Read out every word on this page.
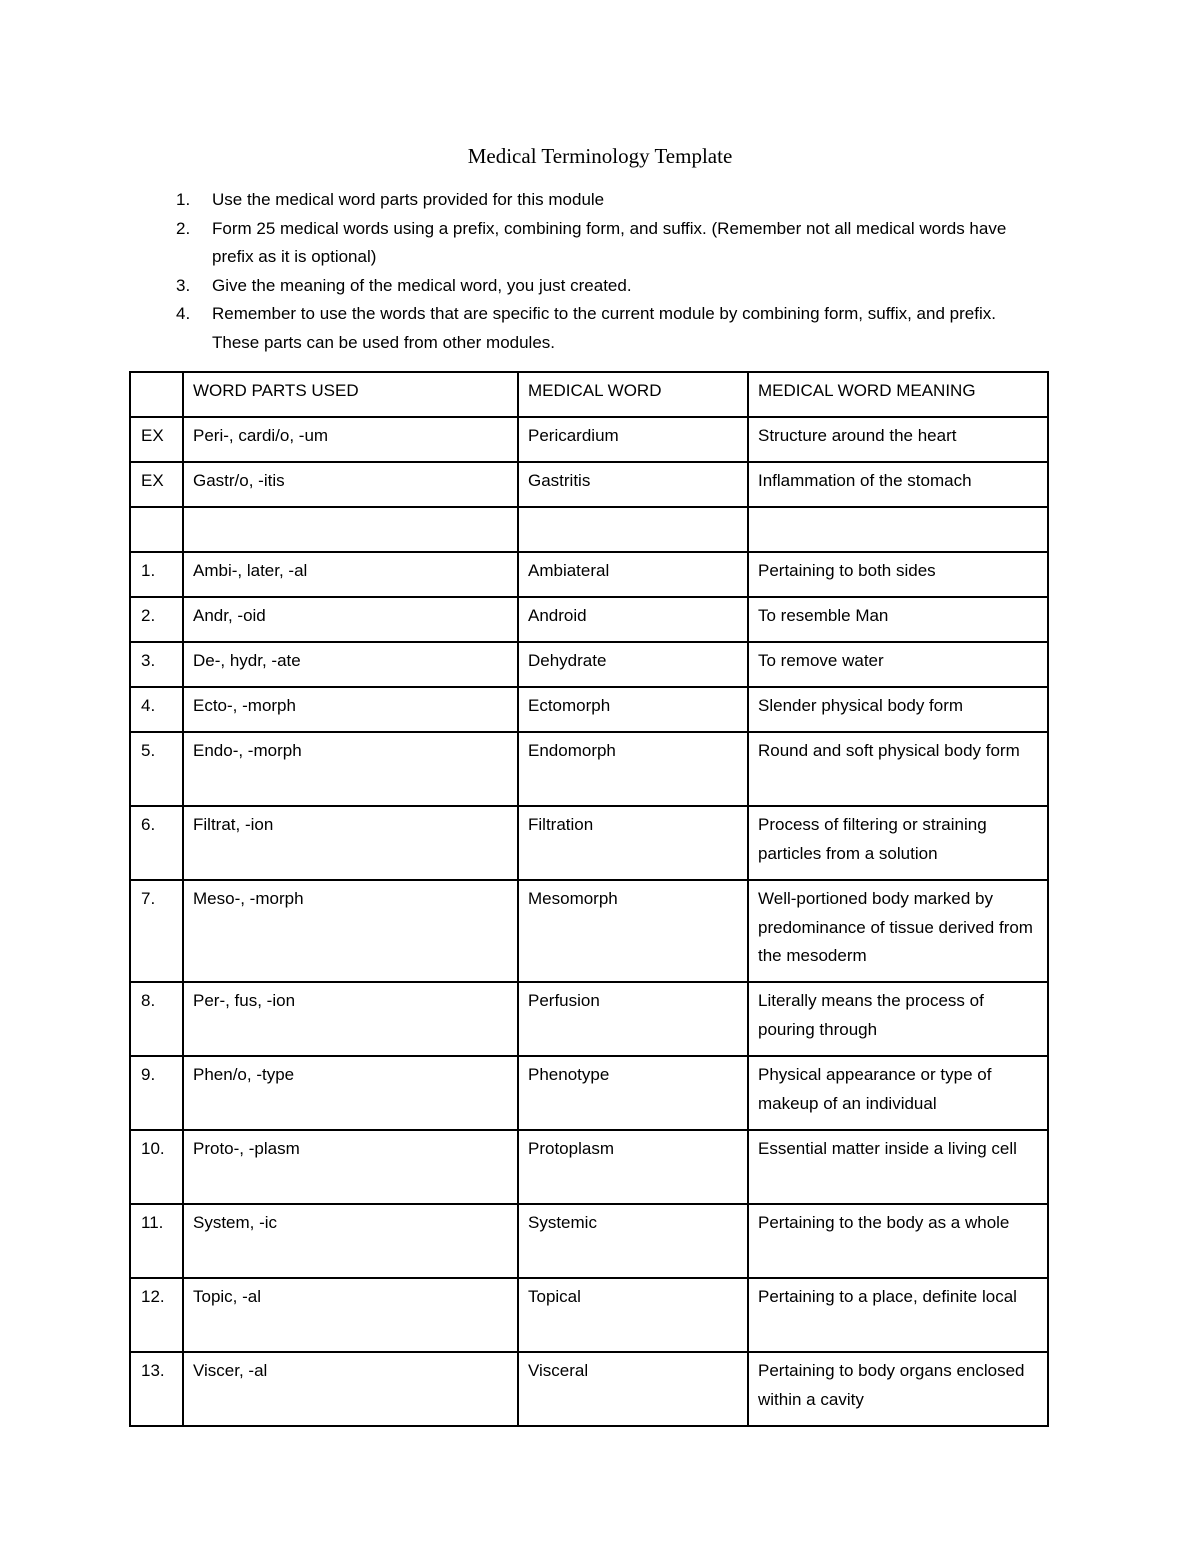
Medical Terminology Template
1. Use the medical word parts provided for this module
2. Form 25 medical words using a prefix, combining form, and suffix. (Remember not all medical words have prefix as it is optional)
3. Give the meaning of the medical word, you just created.
4. Remember to use the words that are specific to the current module by combining form, suffix, and prefix. These parts can be used from other modules.
	WORD PARTS USED	MEDICAL WORD	MEDICAL WORD MEANING
EX	Peri-, cardi/o, -um	Pericardium	Structure around the heart
EX	Gastr/o, -itis	Gastritis	Inflammation of the stomach

1.	Ambi-, later, -al	Ambiateral	Pertaining to both sides
2.	Andr, -oid	Android	To resemble Man
3.	De-, hydr, -ate	Dehydrate	To remove water
4.	Ecto-, -morph	Ectomorph	Slender physical body form
5.	Endo-, -morph	Endomorph	Round and soft physical body form
6.	Filtrat, -ion	Filtration	Process of filtering or straining particles from a solution
7.	Meso-, -morph	Mesomorph	Well-portioned body marked by predominance of tissue derived from the mesoderm
8.	Per-, fus, -ion	Perfusion	Literally means the process of pouring through
9.	Phen/o, -type	Phenotype	Physical appearance or type of makeup of an individual
10.	Proto-, -plasm	Protoplasm	Essential matter inside a living cell
11.	System, -ic	Systemic	Pertaining to the body as a whole
12.	Topic, -al	Topical	Pertaining to a place, definite local
13.	Viscer, -al	Visceral	Pertaining to body organs enclosed within a cavity
